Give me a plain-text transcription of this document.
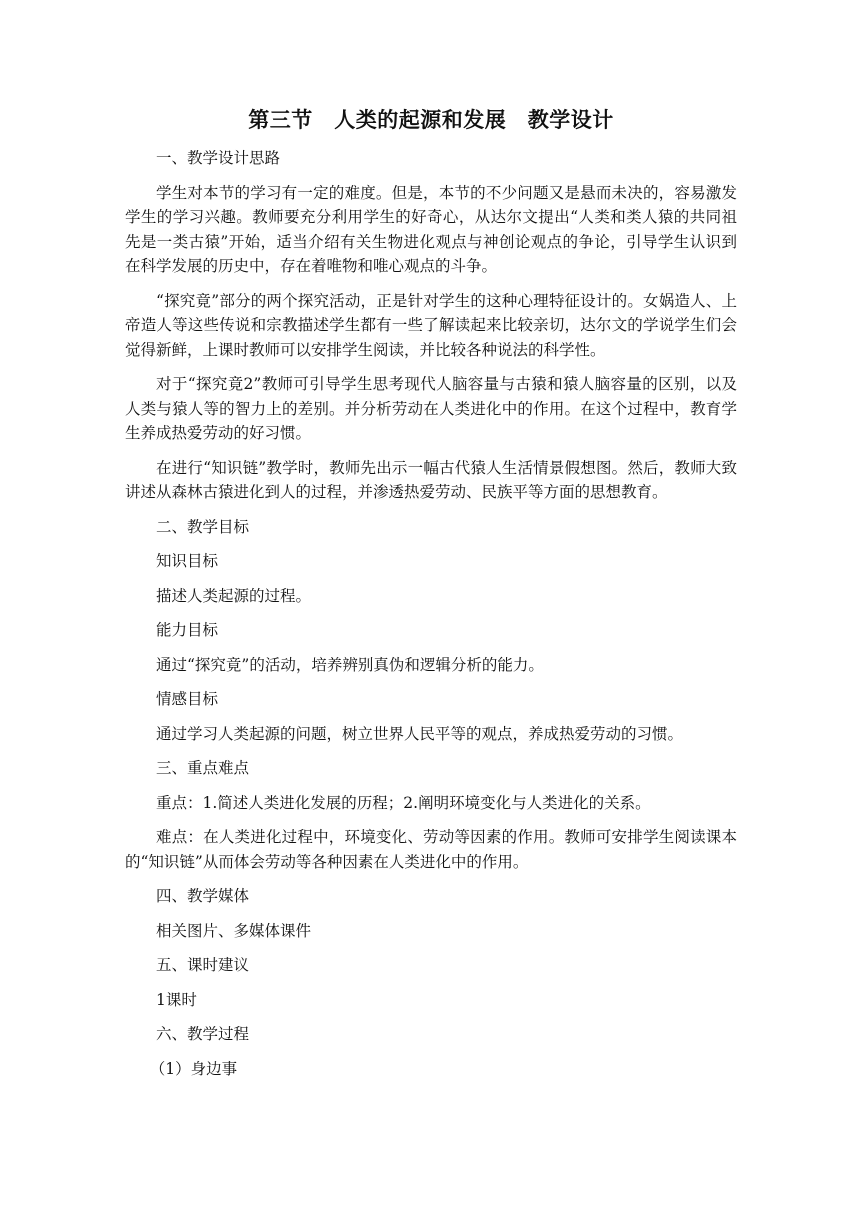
第三节　人类的起源和发展　教学设计

一、教学设计思路

学生对本节的学习有一定的难度。但是，本节的不少问题又是悬而未决的，容易激发学生的学习兴趣。教师要充分利用学生的好奇心，从达尔文提出“人类和类人猿的共同祖先是一类古猿”开始，适当介绍有关生物进化观点与神创论观点的争论，引导学生认识到在科学发展的历史中，存在着唯物和唯心观点的斗争。

“探究竟”部分的两个探究活动，正是针对学生的这种心理特征设计的。女娲造人、上帝造人等这些传说和宗教描述学生都有一些了解读起来比较亲切，达尔文的学说学生们会觉得新鲜，上课时教师可以安排学生阅读，并比较各种说法的科学性。

对于“探究竟2”教师可引导学生思考现代人脑容量与古猿和猿人脑容量的区别，以及人类与猿人等的智力上的差别。并分析劳动在人类进化中的作用。在这个过程中，教育学生养成热爱劳动的好习惯。

在进行“知识链”教学时，教师先出示一幅古代猿人生活情景假想图。然后，教师大致讲述从森林古猿进化到人的过程，并渗透热爱劳动、民族平等方面的思想教育。

二、教学目标

知识目标

描述人类起源的过程。

能力目标

通过“探究竟”的活动，培养辨别真伪和逻辑分析的能力。

情感目标

通过学习人类起源的问题，树立世界人民平等的观点，养成热爱劳动的习惯。

三、重点难点

重点：1.简述人类进化发展的历程；2.阐明环境变化与人类进化的关系。

难点：在人类进化过程中，环境变化、劳动等因素的作用。教师可安排学生阅读课本的“知识链”从而体会劳动等各种因素在人类进化中的作用。

四、教学媒体

相关图片、多媒体课件

五、课时建议

1课时

六、教学过程

（1）身边事
